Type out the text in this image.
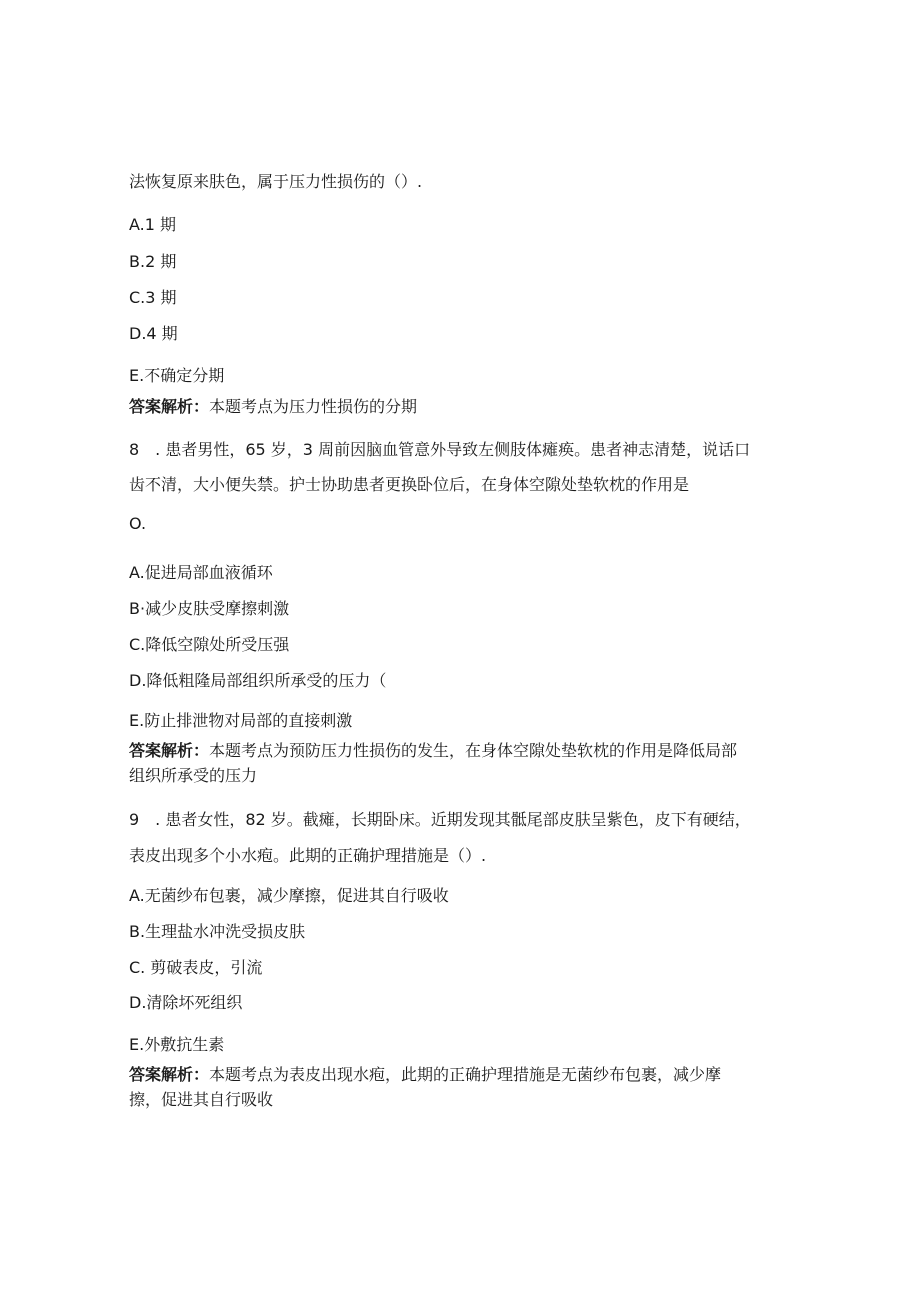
法恢复原来肤色，属于压力性损伤的（）.
A.1 期
B.2 期
C.3 期
D.4 期
E.不确定分期
答案解析：本题考点为压力性损伤的分期
8　. 患者男性，65 岁，3 周前因脑血管意外导致左侧肢体瘫痪。患者神志清楚，说话口
齿不清，大小便失禁。护士协助患者更换卧位后，在身体空隙处垫软枕的作用是
O.
A.促进局部血液循环
B·减少皮肤受摩擦刺激
C.降低空隙处所受压强
D.降低粗隆局部组织所承受的压力（
E.防止排泄物对局部的直接刺激
答案解析：本题考点为预防压力性损伤的发生，在身体空隙处垫软枕的作用是降低局部
组织所承受的压力
9　. 患者女性，82 岁。截瘫，长期卧床。近期发现其骶尾部皮肤呈紫色，皮下有硬结，
表皮出现多个小水疱。此期的正确护理措施是（）.
A.无菌纱布包裹，减少摩擦，促进其自行吸收
B.生理盐水冲洗受损皮肤
C. 剪破表皮，引流
D.清除坏死组织
E.外敷抗生素
答案解析：本题考点为表皮出现水疱，此期的正确护理措施是无菌纱布包裹，减少摩
擦，促进其自行吸收
